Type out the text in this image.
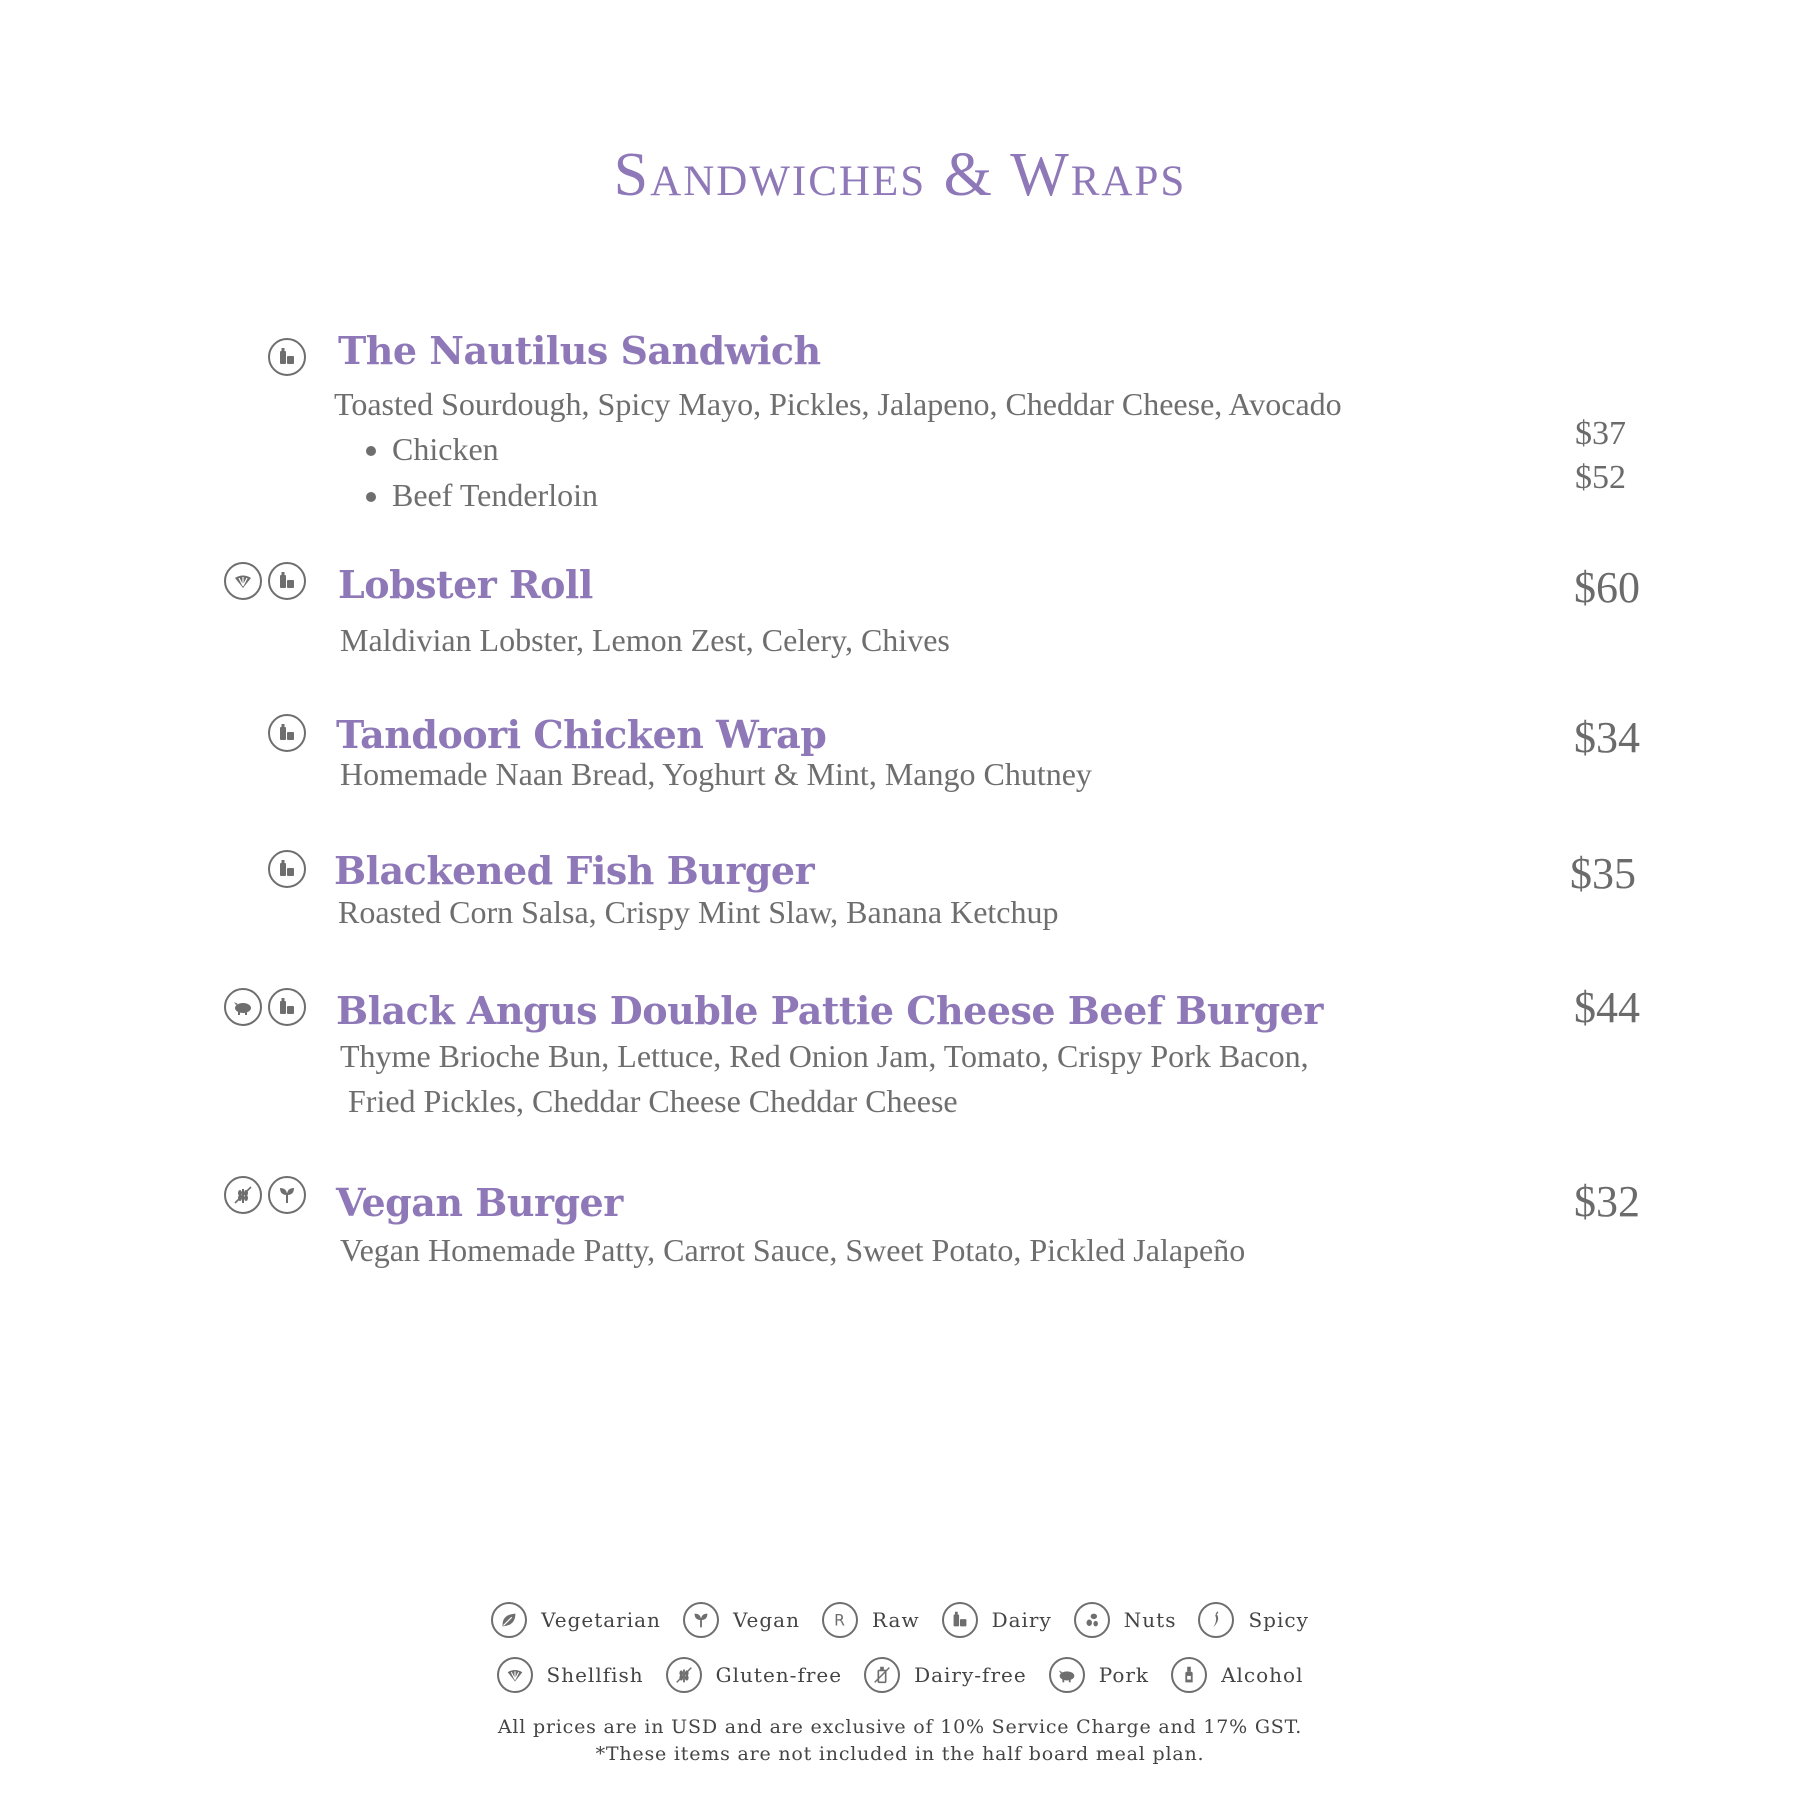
Sandwiches & Wraps
The Nautilus Sandwich
Toasted Sourdough, Spicy Mayo, Pickles, Jalapeno, Cheddar Cheese, Avocado
• Chicken
• Beef Tenderloin
$37
$52
Lobster Roll
Maldivian Lobster, Lemon Zest, Celery, Chives
$60
Tandoori Chicken Wrap
Homemade Naan Bread, Yoghurt & Mint, Mango Chutney
$34
Blackened Fish Burger
Roasted Corn Salsa, Crispy Mint Slaw, Banana Ketchup
$35
Black Angus Double Pattie Cheese Beef Burger
Thyme Brioche Bun, Lettuce, Red Onion Jam, Tomato, Crispy Pork Bacon,
Fried Pickles, Cheddar Cheese Cheddar Cheese
$44
Vegan Burger
Vegan Homemade Patty, Carrot Sauce, Sweet Potato, Pickled Jalapeño
$32
Vegetarian	Vegan R Raw	Dairy	Nuts	Spicy
Shellfish	Gluten-free	Dairy-free	Pork	Alcohol
All prices are in USD and are exclusive of 10% Service Charge and 17% GST.
*These items are not included in the half board meal plan.
